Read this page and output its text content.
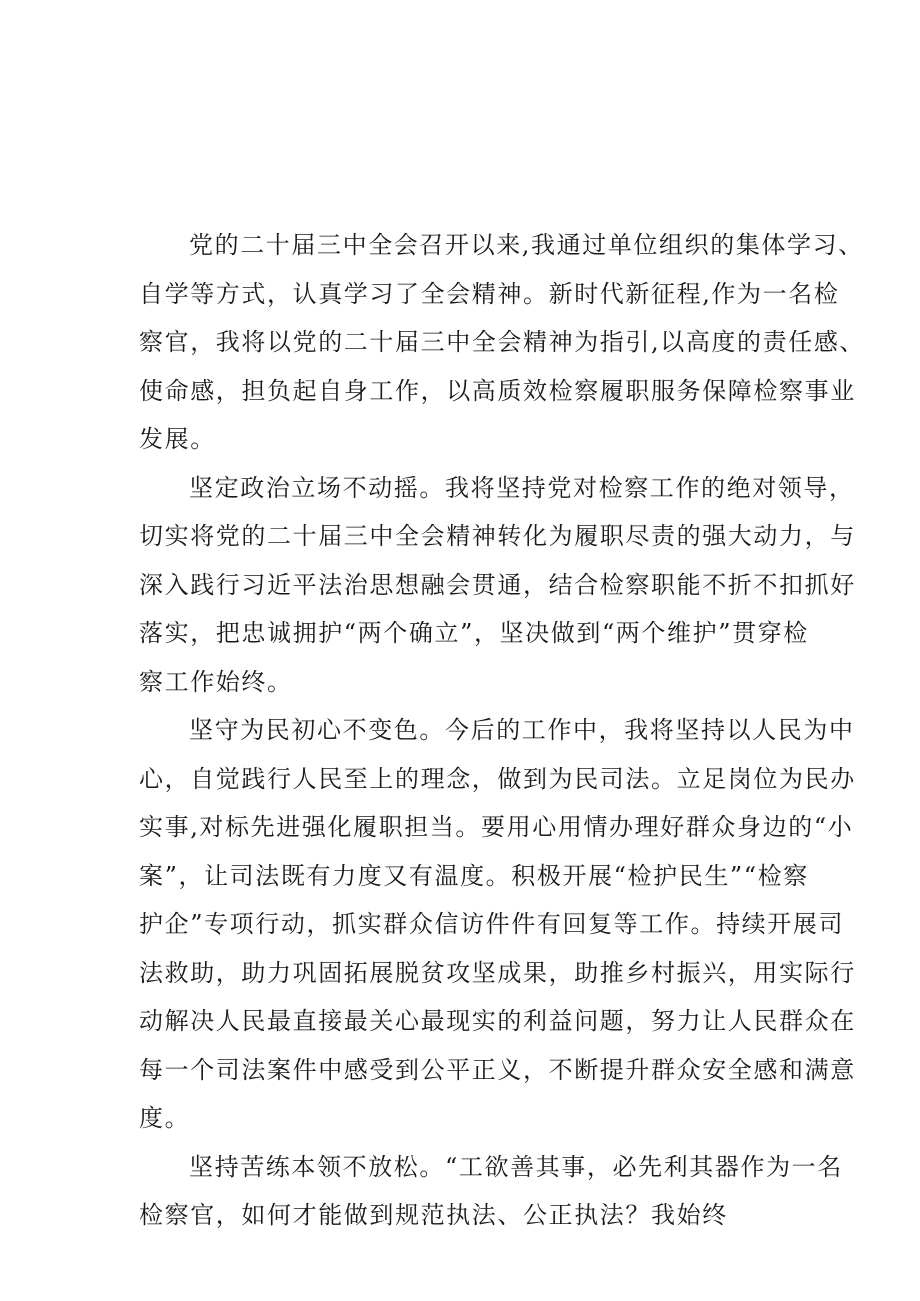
党的二十届三中全会召开以来,我通过单位组织的集体学习、
自学等方式，认真学习了全会精神。新时代新征程,作为一名检
察官，我将以党的二十届三中全会精神为指引,以高度的责任感、
使命感，担负起自身工作，以高质效检察履职服务保障检察事业
发展。
坚定政治立场不动摇。我将坚持党对检察工作的绝对领导，
切实将党的二十届三中全会精神转化为履职尽责的强大动力，与
深入践行习近平法治思想融会贯通，结合检察职能不折不扣抓好
落实，把忠诚拥护“两个确立”，坚决做到“两个维护”贯穿检
察工作始终。
坚守为民初心不变色。今后的工作中，我将坚持以人民为中
心，自觉践行人民至上的理念，做到为民司法。立足岗位为民办
实事,对标先进强化履职担当。要用心用情办理好群众身边的“小
案”，让司法既有力度又有温度。积极开展“检护民生”“检察
护企”专项行动，抓实群众信访件件有回复等工作。持续开展司
法救助，助力巩固拓展脱贫攻坚成果，助推乡村振兴，用实际行
动解决人民最直接最关心最现实的利益问题，努力让人民群众在
每一个司法案件中感受到公平正义，不断提升群众安全感和满意
度。
坚持苦练本领不放松。“工欲善其事，必先利其器作为一名
检察官，如何才能做到规范执法、公正执法？我始终
